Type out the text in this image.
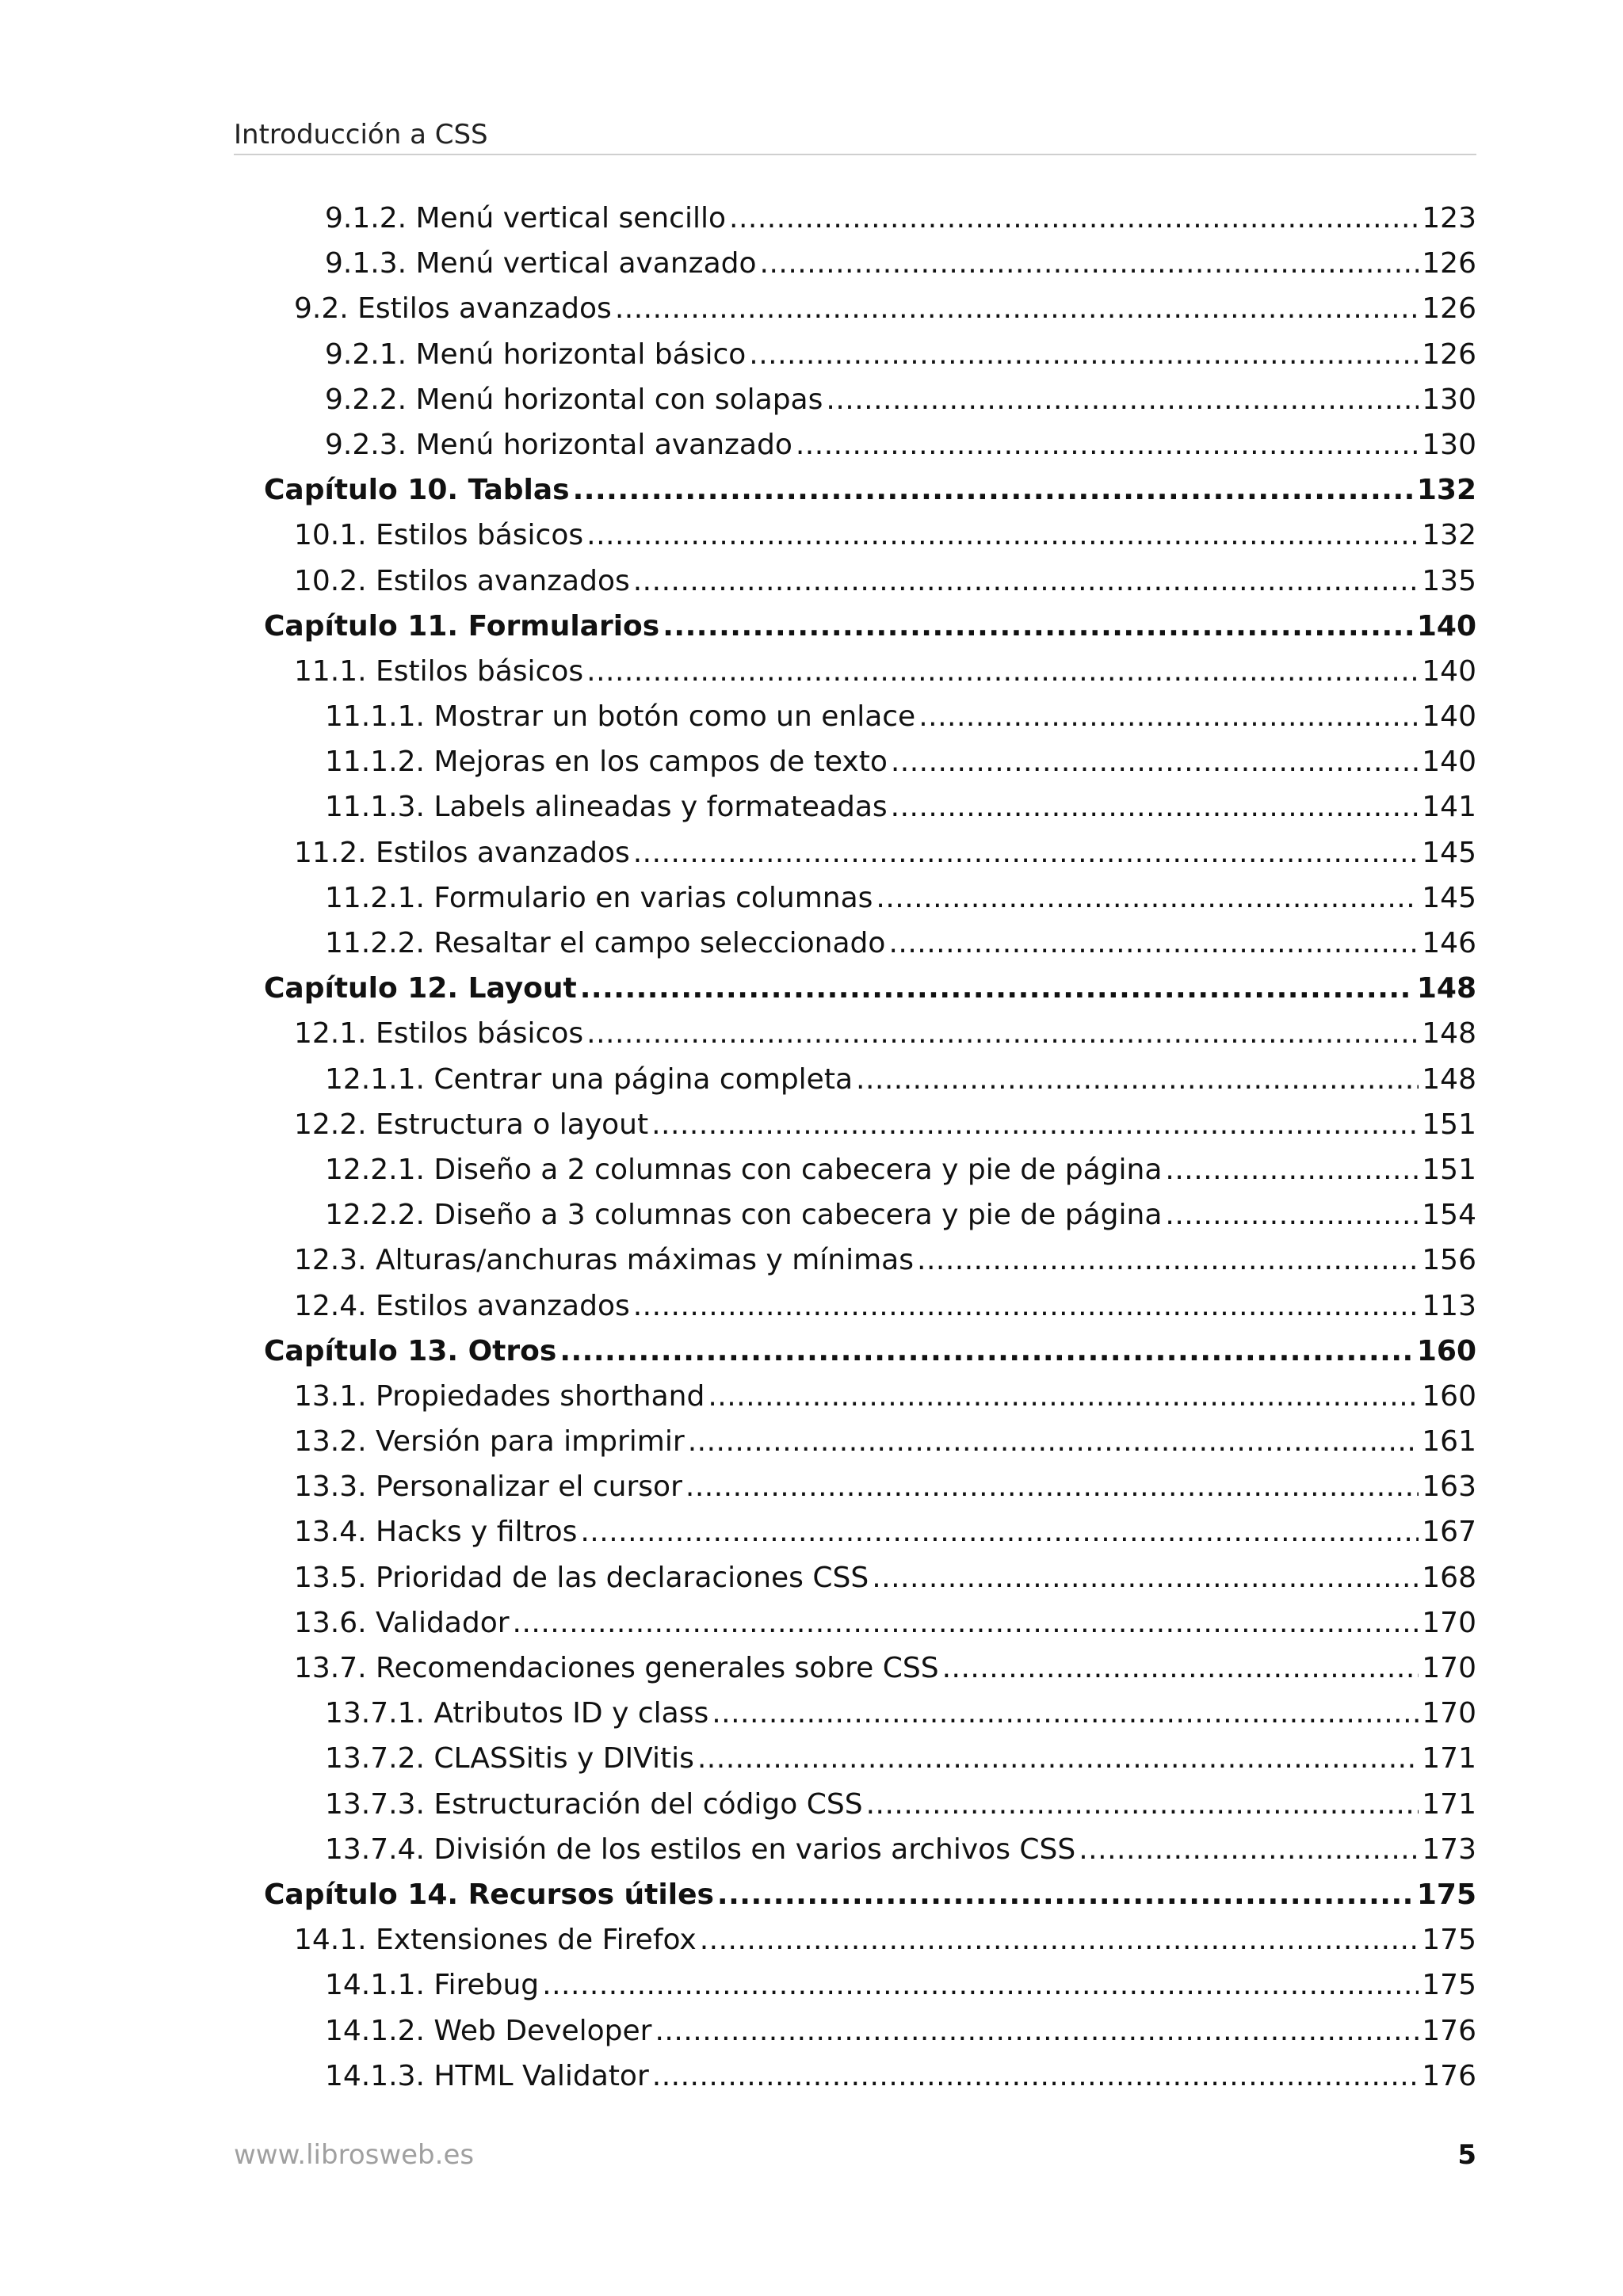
Introducción a CSS
9.1.2. Menú vertical sencillo .....	123
9.1.3. Menú vertical avanzado .....	126
9.2. Estilos avanzados .....	126
9.2.1. Menú horizontal básico .....	126
9.2.2. Menú horizontal con solapas .....	130
9.2.3. Menú horizontal avanzado .....	130
Capítulo 10. Tablas .....	132
10.1. Estilos básicos .....	132
10.2. Estilos avanzados .....	135
Capítulo 11. Formularios .....	140
11.1. Estilos básicos .....	140
11.1.1. Mostrar un botón como un enlace .....	140
11.1.2. Mejoras en los campos de texto .....	140
11.1.3. Labels alineadas y formateadas .....	141
11.2. Estilos avanzados .....	145
11.2.1. Formulario en varias columnas .....	145
11.2.2. Resaltar el campo seleccionado .....	146
Capítulo 12. Layout .....	148
12.1. Estilos básicos .....	148
12.1.1. Centrar una página completa .....	148
12.2. Estructura o layout .....	151
12.2.1. Diseño a 2 columnas con cabecera y pie de página .....	151
12.2.2. Diseño a 3 columnas con cabecera y pie de página .....	154
12.3. Alturas/anchuras máximas y mínimas .....	156
12.4. Estilos avanzados .....	113
Capítulo 13. Otros .....	160
13.1. Propiedades shorthand .....	160
13.2. Versión para imprimir .....	161
13.3. Personalizar el cursor .....	163
13.4. Hacks y filtros .....	167
13.5. Prioridad de las declaraciones CSS .....	168
13.6. Validador .....	170
13.7. Recomendaciones generales sobre CSS .....	170
13.7.1. Atributos ID y class .....	170
13.7.2. CLASSitis y DIVitis .....	171
13.7.3. Estructuración del código CSS .....	171
13.7.4. División de los estilos en varios archivos CSS .....	173
Capítulo 14. Recursos útiles .....	175
14.1. Extensiones de Firefox .....	175
14.1.1. Firebug .....	175
14.1.2. Web Developer .....	176
14.1.3. HTML Validator .....	176
www.librosweb.es	5
